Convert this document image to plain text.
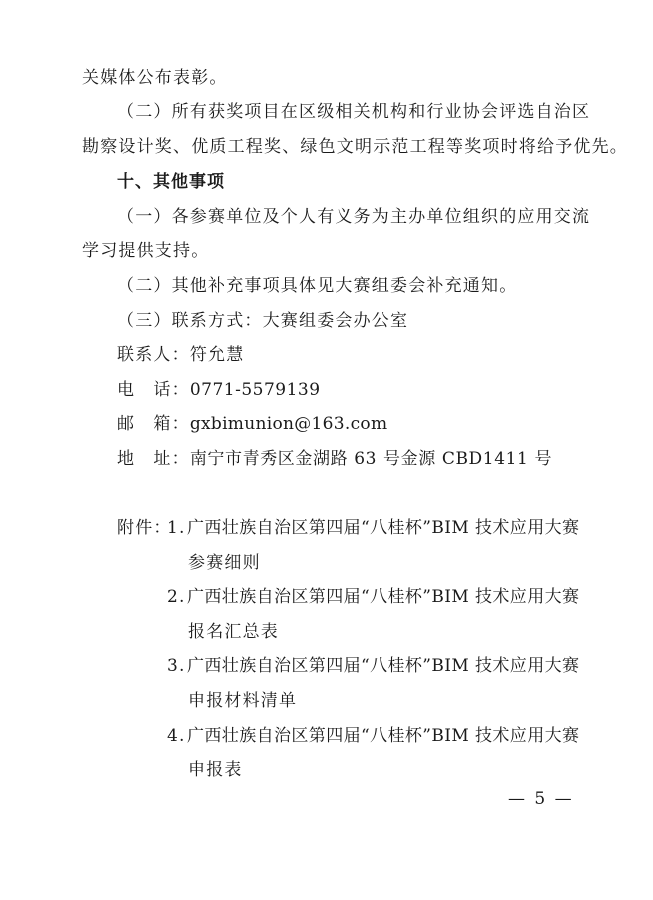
关媒体公布表彰。
（二）所有获奖项目在区级相关机构和行业协会评选自治区
勘察设计奖、优质工程奖、绿色文明示范工程等奖项时将给予优先。
十、其他事项
（一）各参赛单位及个人有义务为主办单位组织的应用交流
学习提供支持。
（二）其他补充事项具体见大赛组委会补充通知。
（三）联系方式：大赛组委会办公室
联系人：符允慧
电　话：0771-5579139
邮　箱：gxbimunion@163.com
地　址：南宁市青秀区金湖路 63 号金源 CBD1411 号
附件：
1.广西壮族自治区第四届“八桂杯”BIM 技术应用大赛
参赛细则
2.广西壮族自治区第四届“八桂杯”BIM 技术应用大赛
报名汇总表
3.广西壮族自治区第四届“八桂杯”BIM 技术应用大赛
申报材料清单
4.广西壮族自治区第四届“八桂杯”BIM 技术应用大赛
申报表
— 5 —
